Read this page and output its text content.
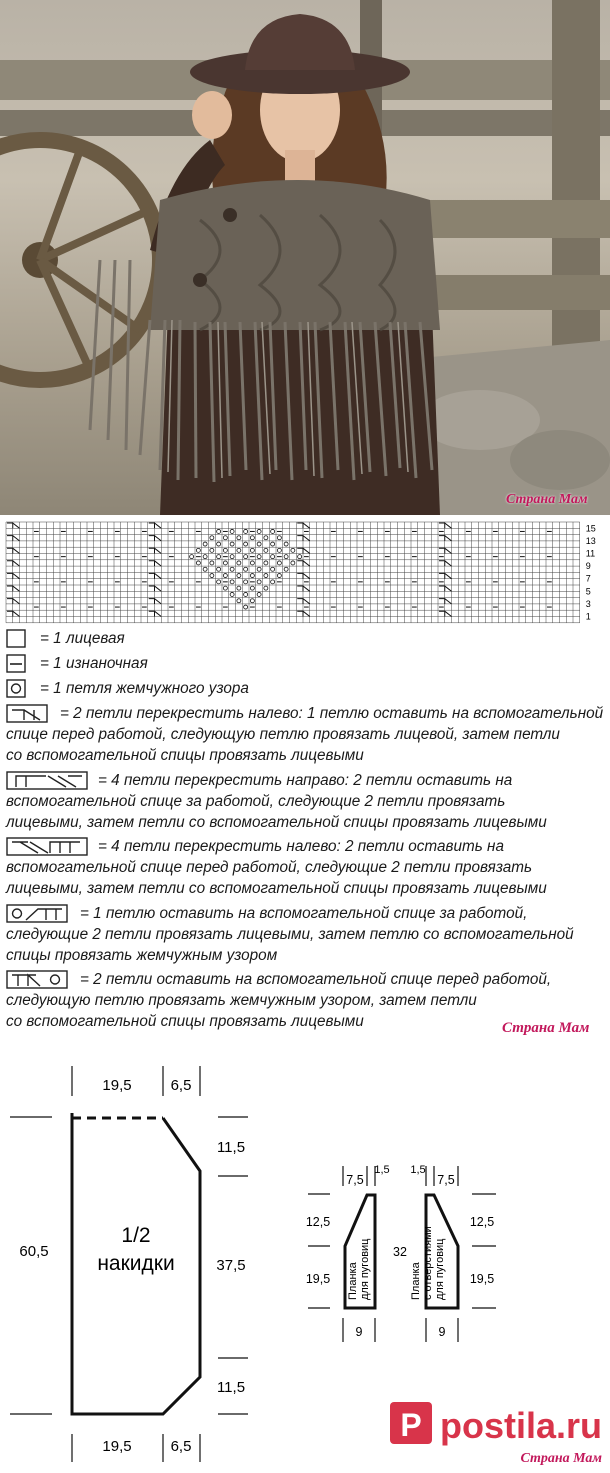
Страна Мам
15
13
11
9
7
5
3
1
= 1 лицевая
= 1 изнаночная
= 1 петля жемчужного узора
= 2 петли перекрестить налево: 1 петлю оставить на вспомогательной
спице перед работой, следующую петлю провязать лицевой, затем петли
со вспомогательной спицы провязать лицевыми
= 4 петли перекрестить направо: 2 петли оставить на
вспомогательной спице за работой, следующие 2 петли провязать
лицевыми, затем петли со вспомогательной спицы провязать лицевыми
= 4 петли перекрестить налево: 2 петли оставить на
вспомогательной спице перед работой, следующие 2 петли провязать
лицевыми, затем петли со вспомогательной спицы провязать лицевыми
= 1 петлю оставить на вспомогательной спице за работой,
следующие 2 петли провязать лицевыми, затем петлю со вспомогательной
спицы провязать жемчужным узором
= 2 петли оставить на вспомогательной спице перед работой,
следующую петлю провязать жемчужным узором, затем петли
со вспомогательной спицы провязать лицевыми	Страна Мам
1/2
накидки
19,5	6,5
19,5	6,5
60,5
11,5
37,5
11,5
7,5
1,5
12,5
19,5
9
Планка для пуговиц 32
1,5
7,5
12,5
19,5
9
Планка с отверстиями для пуговиц
P postila.ru
Страна Мам
